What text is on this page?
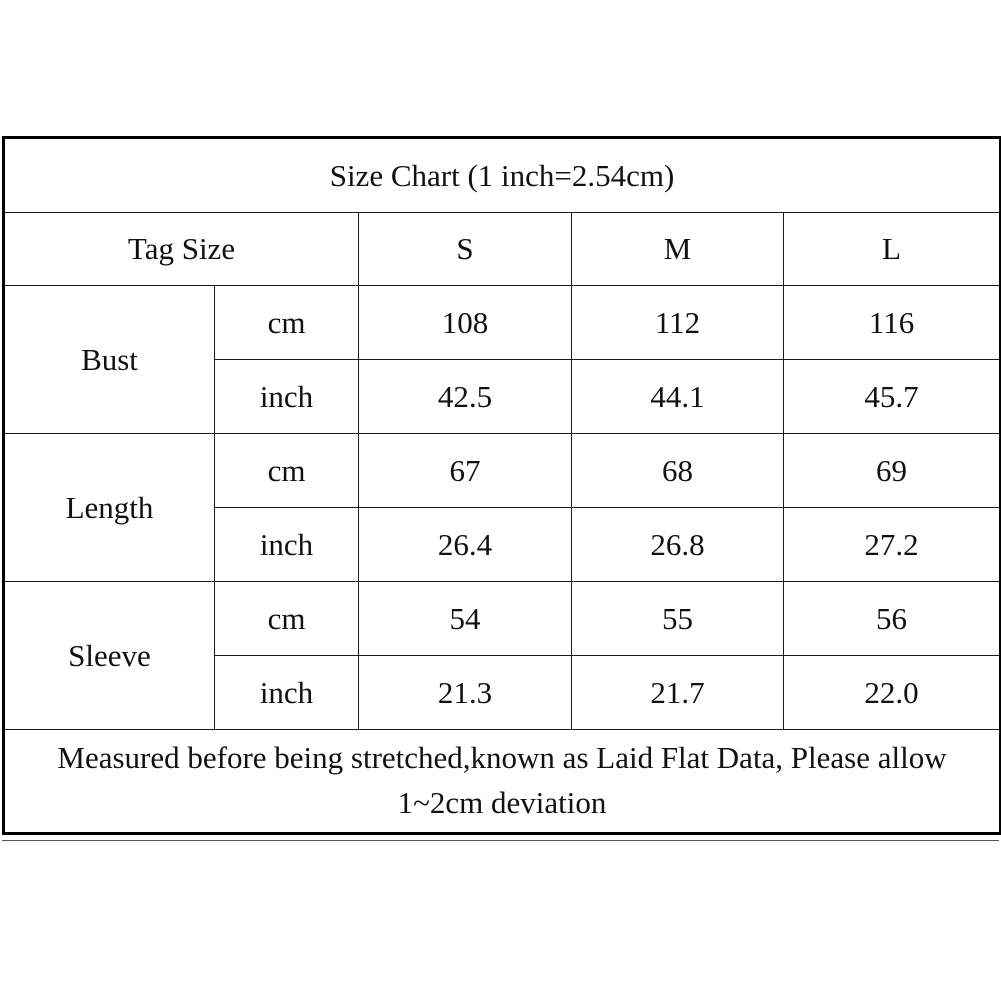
Size Chart (1 inch=2.54cm)				
Tag Size		S	M	L
Bust	cm	108	112	116
	inch	42.5	44.1	45.7
Length	cm	67	68	69
	inch	26.4	26.8	27.2
Sleeve	cm	54	55	56
	inch	21.3	21.7	22.0
Measured before being stretched,known as Laid Flat Data, Please allow 1~2cm deviation				
